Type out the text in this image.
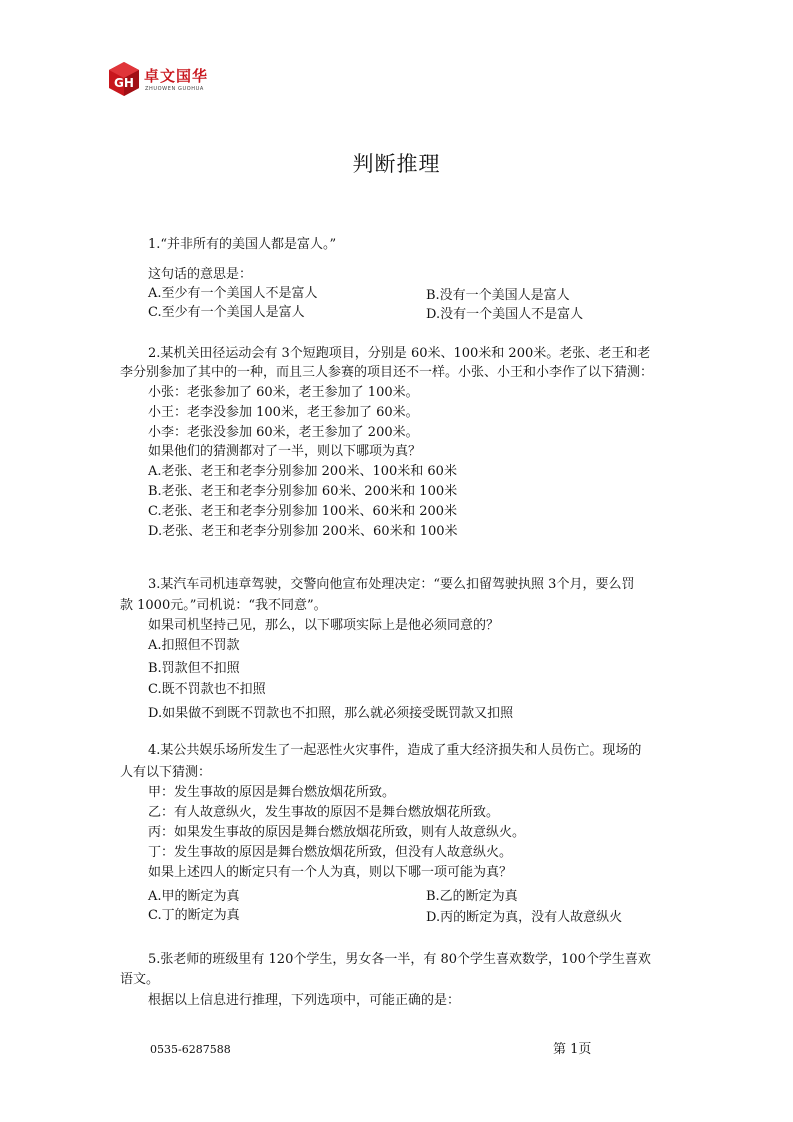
GH 卓文国华
ZHUOWEN GUOHUA
判断推理
1.“并非所有的美国人都是富人。”
这句话的意思是：
A.至少有一个美国人不是富人	B.没有一个美国人是富人
C.至少有一个美国人是富人	D.没有一个美国人不是富人
2.某机关田径运动会有 3个短跑项目，分别是 60米、100米和 200米。老张、老王和老
李分别参加了其中的一种，而且三人参赛的项目还不一样。小张、小王和小李作了以下猜测：
小张：老张参加了 60米，老王参加了 100米。
小王：老李没参加 100米，老王参加了 60米。
小李：老张没参加 60米，老王参加了 200米。
如果他们的猜测都对了一半，则以下哪项为真？
A.老张、老王和老李分别参加 200米、100米和 60米
B.老张、老王和老李分别参加 60米、200米和 100米
C.老张、老王和老李分别参加 100米、60米和 200米
D.老张、老王和老李分别参加 200米、60米和 100米
3.某汽车司机违章驾驶，交警向他宣布处理决定：“要么扣留驾驶执照 3个月，要么罚
款 1000元。”司机说：“我不同意”。
如果司机坚持己见，那么，以下哪项实际上是他必须同意的？
A.扣照但不罚款
B.罚款但不扣照
C.既不罚款也不扣照
D.如果做不到既不罚款也不扣照，那么就必须接受既罚款又扣照
4.某公共娱乐场所发生了一起恶性火灾事件，造成了重大经济损失和人员伤亡。现场的
人有以下猜测：
甲：发生事故的原因是舞台燃放烟花所致。
乙：有人故意纵火，发生事故的原因不是舞台燃放烟花所致。
丙：如果发生事故的原因是舞台燃放烟花所致，则有人故意纵火。
丁：发生事故的原因是舞台燃放烟花所致，但没有人故意纵火。
如果上述四人的断定只有一个人为真，则以下哪一项可能为真？
A.甲的断定为真	B.乙的断定为真
C.丁的断定为真	D.丙的断定为真，没有人故意纵火
5.张老师的班级里有 120个学生，男女各一半，有 80个学生喜欢数学，100个学生喜欢
语文。
根据以上信息进行推理，下列选项中，可能正确的是：
0535-6287588	第 1页
